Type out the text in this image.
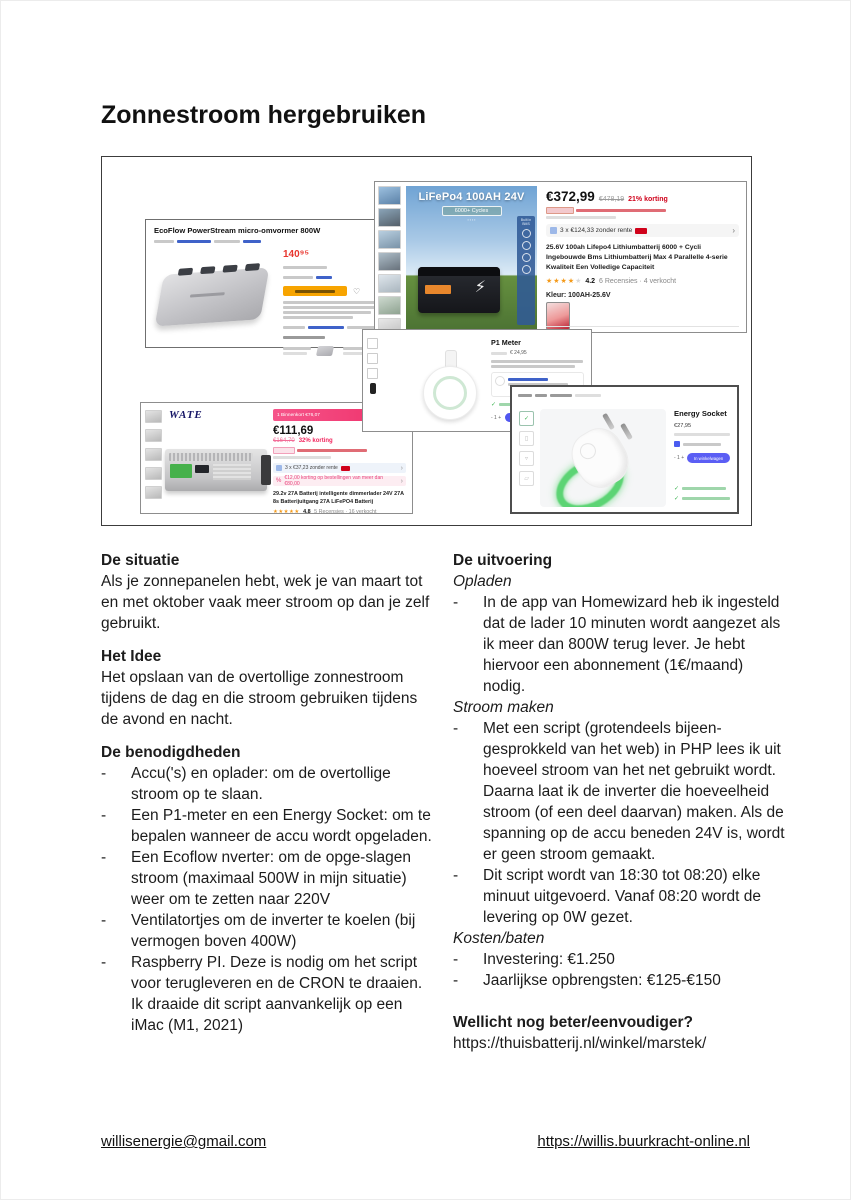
Zonnestroom hergebruiken
LiFePo4 100AH 24V
6000+ Cycles
▪ ▪ ▪ ▪
⚡
Built in BMS
€372,99 €478,19 21% korting
3 x €124,33 zonder rente	›
25.6V 100ah Lifepo4 Lithiumbatterij 6000 + Cycli Ingebouwde Bms Lithiumbatterij Max 4 Parallelle 4-serie Kwaliteit Een Volledige Capaciteit
★★★★★ 4.2 6 Recensies · 4 verkocht
Kleur: 100AH-25.6V
EcoFlow PowerStream micro-omvormer 800W
140⁹⁵
♡
WATE	1 Binnenkort €76,07
€111,69
€164,70 32% korting
3 x €37,23 zonder rente	›
% €12,00 korting op bestellingen van meer dan €80,00	›
29.2v 27A Batterij intelligente dimmerlader 24V 27A 8s Batterijuitgang 27A LiFePO4 Batterij
★★★★★ 4.8 5 Recensies · 16 verkocht
P1 Meter
€ 24,95
✓
- 1 +	✓
▯
▿
▱
Energy Socket
€27,95
- 1 +	In winkelwagen
✓
✓
De situatie
Als je zonnepanelen hebt, wek je van maart tot en met oktober vaak meer stroom op dan je zelf gebruikt.
Het Idee
Het opslaan van de overtollige zonnestroom tijdens de dag en die stroom gebruiken tijdens de avond en nacht.
De benodigdheden
-	Accu('s) en oplader: om de overtollige stroom op te slaan.
-	Een P1-meter en een Energy Socket: om te bepalen wanneer de accu wordt opgeladen.
-	Een Ecoflow nverter: om de opge-slagen stroom (maximaal 500W in mijn situatie) weer om te zetten naar 220V
-	Ventilatortjes om de inverter te koelen (bij vermogen boven 400W)
-	Raspberry PI. Deze is nodig om het script voor terugleveren en de CRON te draaien. Ik draaide dit script aanvankelijk op een iMac (M1, 2021)
De uitvoering
Opladen
-	In de app van Homewizard heb ik ingesteld dat de lader 10 minuten wordt aangezet als ik meer dan 800W terug lever. Je hebt hiervoor een abonnement (1€/maand) nodig.
Stroom maken
-	Met een script (grotendeels bijeen-gesprokkeld van het web) in PHP lees ik uit hoeveel stroom van het net gebruikt wordt. Daarna laat ik de inverter die hoeveelheid stroom (of een deel daarvan) maken. Als de spanning op de accu beneden 24V is, wordt er geen stroom gemaakt.
-	Dit script wordt van 18:30 tot 08:20) elke minuut uitgevoerd. Vanaf 08:20 wordt de levering op 0W gezet.
Kosten/baten
-	Investering: €1.250
-	Jaarlijkse opbrengsten: €125-€150
Wellicht nog beter/eenvoudiger?
https://thuisbatterij.nl/winkel/marstek/
willisenergie@gmail.com	https://willis.buurkracht-online.nl
